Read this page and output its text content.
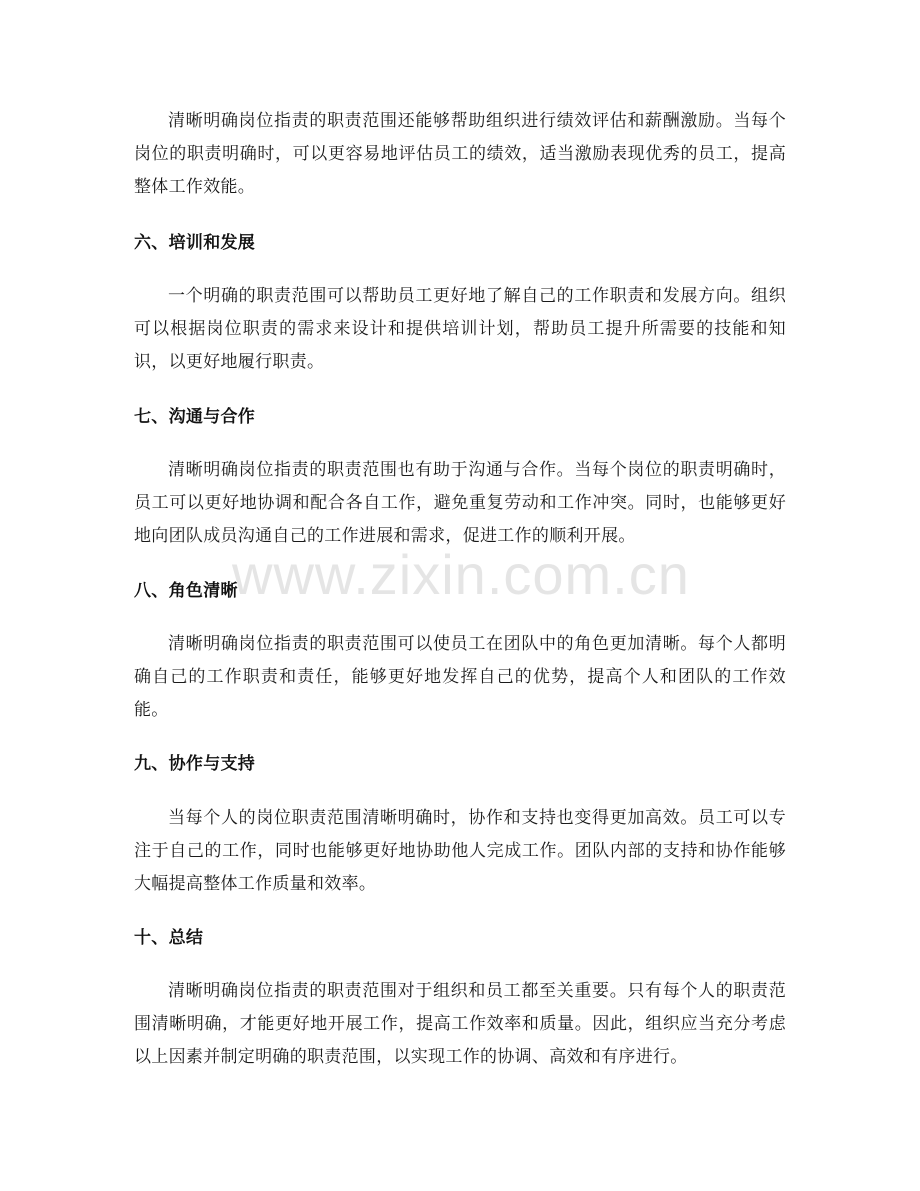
清晰明确岗位指责的职责范围还能够帮助组织进行绩效评估和薪酬激励。当每个岗位的职责明确时，可以更容易地评估员工的绩效，适当激励表现优秀的员工，提高整体工作效能。

六、培训和发展

一个明确的职责范围可以帮助员工更好地了解自己的工作职责和发展方向。组织可以根据岗位职责的需求来设计和提供培训计划，帮助员工提升所需要的技能和知识，以更好地履行职责。

七、沟通与合作

清晰明确岗位指责的职责范围也有助于沟通与合作。当每个岗位的职责明确时，员工可以更好地协调和配合各自工作，避免重复劳动和工作冲突。同时，也能够更好地向团队成员沟通自己的工作进展和需求，促进工作的顺利开展。

八、角色清晰

清晰明确岗位指责的职责范围可以使员工在团队中的角色更加清晰。每个人都明确自己的工作职责和责任，能够更好地发挥自己的优势，提高个人和团队的工作效能。

九、协作与支持

当每个人的岗位职责范围清晰明确时，协作和支持也变得更加高效。员工可以专注于自己的工作，同时也能够更好地协助他人完成工作。团队内部的支持和协作能够大幅提高整体工作质量和效率。

十、总结

清晰明确岗位指责的职责范围对于组织和员工都至关重要。只有每个人的职责范围清晰明确，才能更好地开展工作，提高工作效率和质量。因此，组织应当充分考虑以上因素并制定明确的职责范围，以实现工作的协调、高效和有序进行。

www.zixin.com.cn
